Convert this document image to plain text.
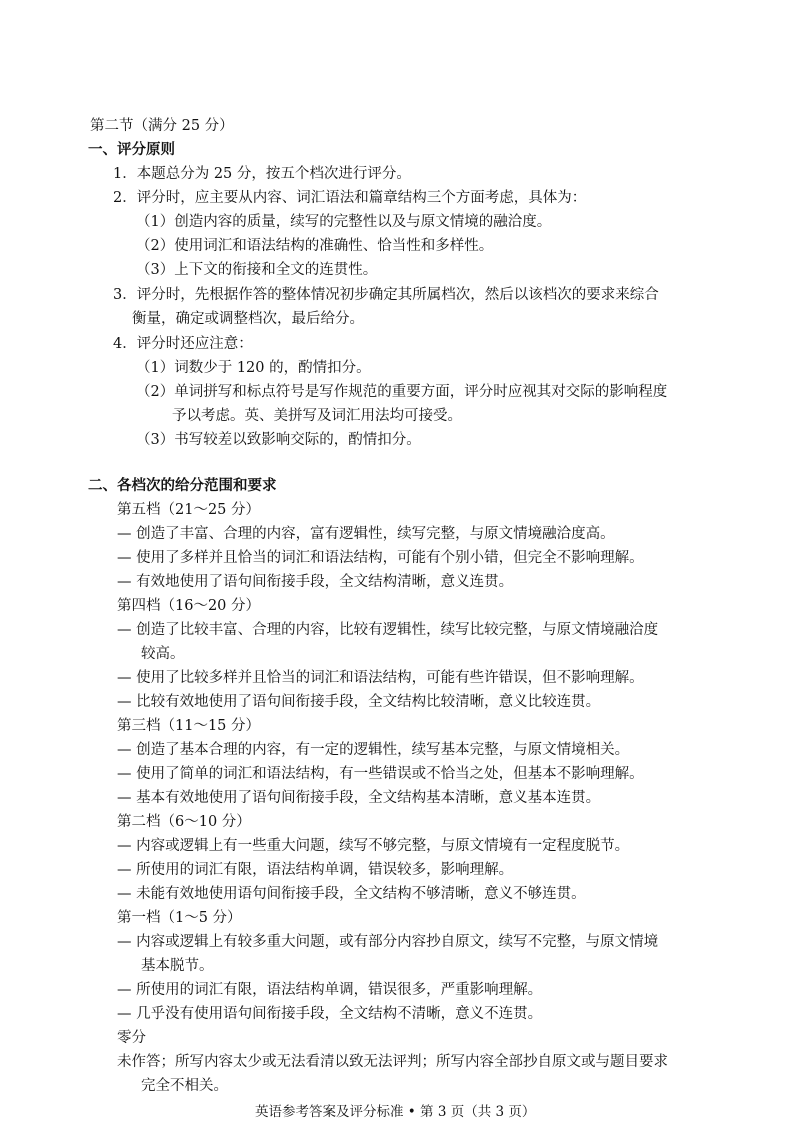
第二节（满分 25 分）
一、评分原则
1．本题总分为 25 分，按五个档次进行评分。
2．评分时，应主要从内容、词汇语法和篇章结构三个方面考虑，具体为：
（1）创造内容的质量，续写的完整性以及与原文情境的融洽度。
（2）使用词汇和语法结构的准确性、恰当性和多样性。
（3）上下文的衔接和全文的连贯性。
3．评分时，先根据作答的整体情况初步确定其所属档次，然后以该档次的要求来综合
衡量，确定或调整档次，最后给分。
4．评分时还应注意：
（1）词数少于 120 的，酌情扣分。
（2）单词拼写和标点符号是写作规范的重要方面，评分时应视其对交际的影响程度
予以考虑。英、美拼写及词汇用法均可接受。
（3）书写较差以致影响交际的，酌情扣分。
二、各档次的给分范围和要求
第五档（21～25 分）
— 创造了丰富、合理的内容，富有逻辑性，续写完整，与原文情境融洽度高。
— 使用了多样并且恰当的词汇和语法结构，可能有个别小错，但完全不影响理解。
— 有效地使用了语句间衔接手段，全文结构清晰，意义连贯。
第四档（16～20 分）
— 创造了比较丰富、合理的内容，比较有逻辑性，续写比较完整，与原文情境融洽度
较高。
— 使用了比较多样并且恰当的词汇和语法结构，可能有些许错误，但不影响理解。
— 比较有效地使用了语句间衔接手段，全文结构比较清晰，意义比较连贯。
第三档（11～15 分）
— 创造了基本合理的内容，有一定的逻辑性，续写基本完整，与原文情境相关。
— 使用了简单的词汇和语法结构，有一些错误或不恰当之处，但基本不影响理解。
— 基本有效地使用了语句间衔接手段，全文结构基本清晰，意义基本连贯。
第二档（6～10 分）
— 内容或逻辑上有一些重大问题，续写不够完整，与原文情境有一定程度脱节。
— 所使用的词汇有限，语法结构单调，错误较多，影响理解。
— 未能有效地使用语句间衔接手段，全文结构不够清晰，意义不够连贯。
第一档（1～5 分）
— 内容或逻辑上有较多重大问题，或有部分内容抄自原文，续写不完整，与原文情境
基本脱节。
— 所使用的词汇有限，语法结构单调，错误很多，严重影响理解。
— 几乎没有使用语句间衔接手段，全文结构不清晰，意义不连贯。
零分
未作答；所写内容太少或无法看清以致无法评判；所写内容全部抄自原文或与题目要求
完全不相关。
英语参考答案及评分标准 • 第 3 页（共 3 页）
